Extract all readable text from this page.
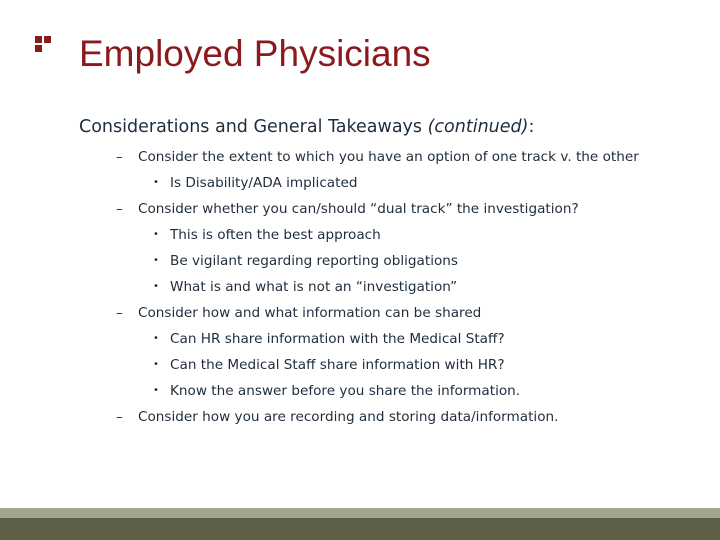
Employed Physicians

Considerations and General Takeaways (continued):

– Consider the extent to which you have an option of one track v. the other
• Is Disability/ADA implicated
– Consider whether you can/should “dual track” the investigation?
• This is often the best approach
• Be vigilant regarding reporting obligations
• What is and what is not an “investigation”
– Consider how and what information can be shared
• Can HR share information with the Medical Staff?
• Can the Medical Staff share information with HR?
• Know the answer before you share the information.
– Consider how you are recording and storing data/information.
